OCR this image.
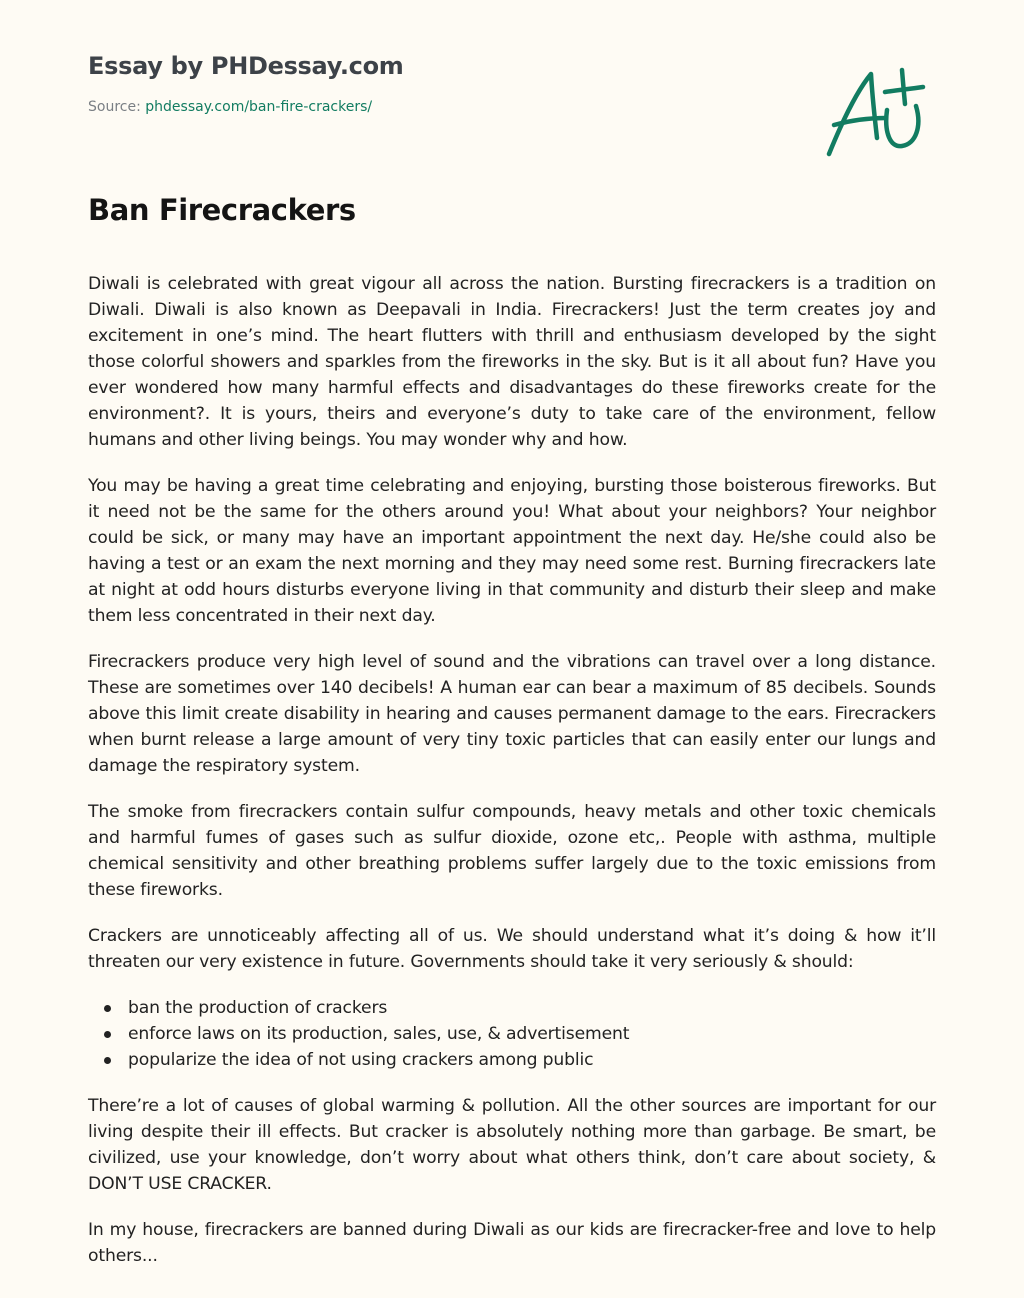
Essay by PHDessay.com
Source: phdessay.com/ban-fire-crackers/
Ban Firecrackers

Diwali is celebrated with great vigour all across the nation. Bursting firecrackers is a tradition on Diwali. Diwali is also known as Deepavali in India. Firecrackers! Just the term creates joy and excitement in one’s mind. The heart flutters with thrill and enthusiasm developed by the sight those colorful showers and sparkles from the fireworks in the sky. But is it all about fun? Have you ever wondered how many harmful effects and disadvantages do these fireworks create for the environment?. It is yours, theirs and everyone’s duty to take care of the environment, fellow humans and other living beings. You may wonder why and how.

You may be having a great time celebrating and enjoying, bursting those boisterous fireworks. But it need not be the same for the others around you! What about your neighbors? Your neighbor could be sick, or many may have an important appointment the next day. He/she could also be having a test or an exam the next morning and they may need some rest. Burning firecrackers late at night at odd hours disturbs everyone living in that community and disturb their sleep and make them less concentrated in their next day.

Firecrackers produce very high level of sound and the vibrations can travel over a long distance. These are sometimes over 140 decibels! A human ear can bear a maximum of 85 decibels. Sounds above this limit create disability in hearing and causes permanent damage to the ears. Firecrackers when burnt release a large amount of very tiny toxic particles that can easily enter our lungs and damage the respiratory system.

The smoke from firecrackers contain sulfur compounds, heavy metals and other toxic chemicals and harmful fumes of gases such as sulfur dioxide, ozone etc,. People with asthma, multiple chemical sensitivity and other breathing problems suffer largely due to the toxic emissions from these fireworks.

Crackers are unnoticeably affecting all of us. We should understand what it’s doing & how it’ll threaten our very existence in future. Governments should take it very seriously & should:

ban the production of crackers
enforce laws on its production, sales, use, & advertisement
popularize the idea of not using crackers among public

There’re a lot of causes of global warming & pollution. All the other sources are important for our living despite their ill effects. But cracker is absolutely nothing more than garbage. Be smart, be civilized, use your knowledge, don’t worry about what others think, don’t care about society, & DON’T USE CRACKER.

In my house, firecrackers are banned during Diwali as our kids are firecracker-free and love to help others...
